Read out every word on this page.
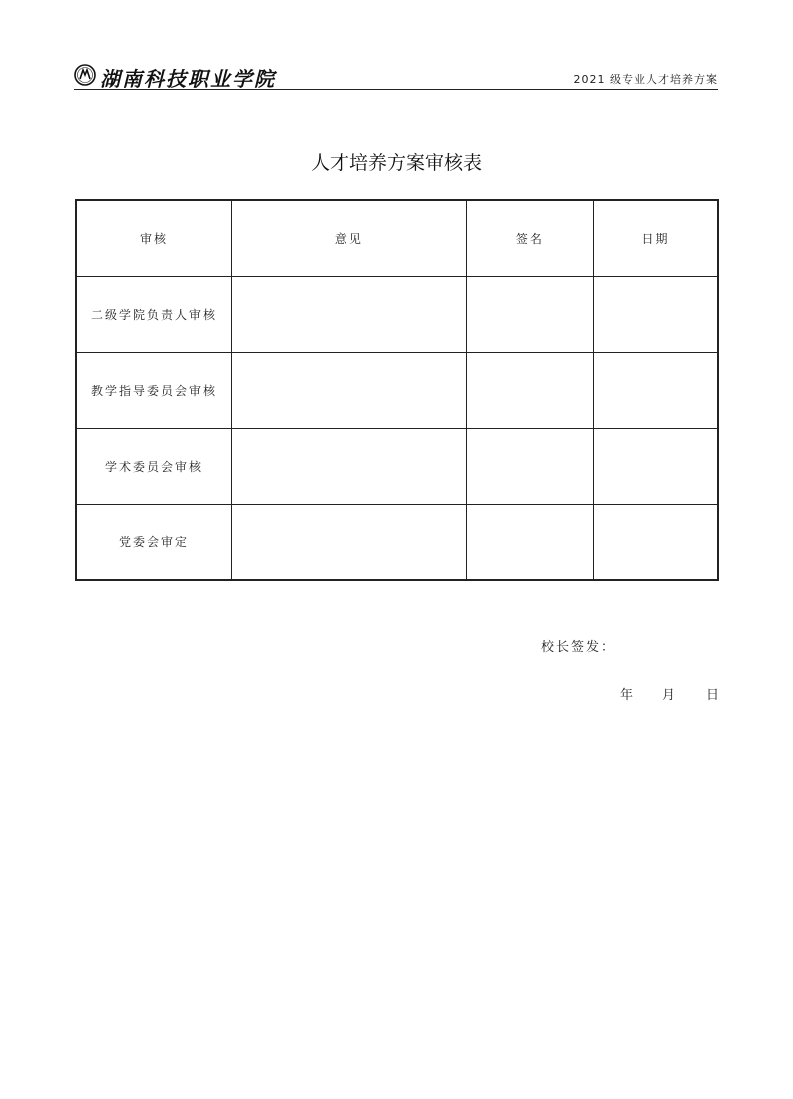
湖南科技职业学院	2021 级专业人才培养方案
人才培养方案审核表
审核	意见	签名	日期
二级学院负责人审核			
教学指导委员会审核			
学术委员会审核			
党委会审定			
校长签发：
年 月 日
